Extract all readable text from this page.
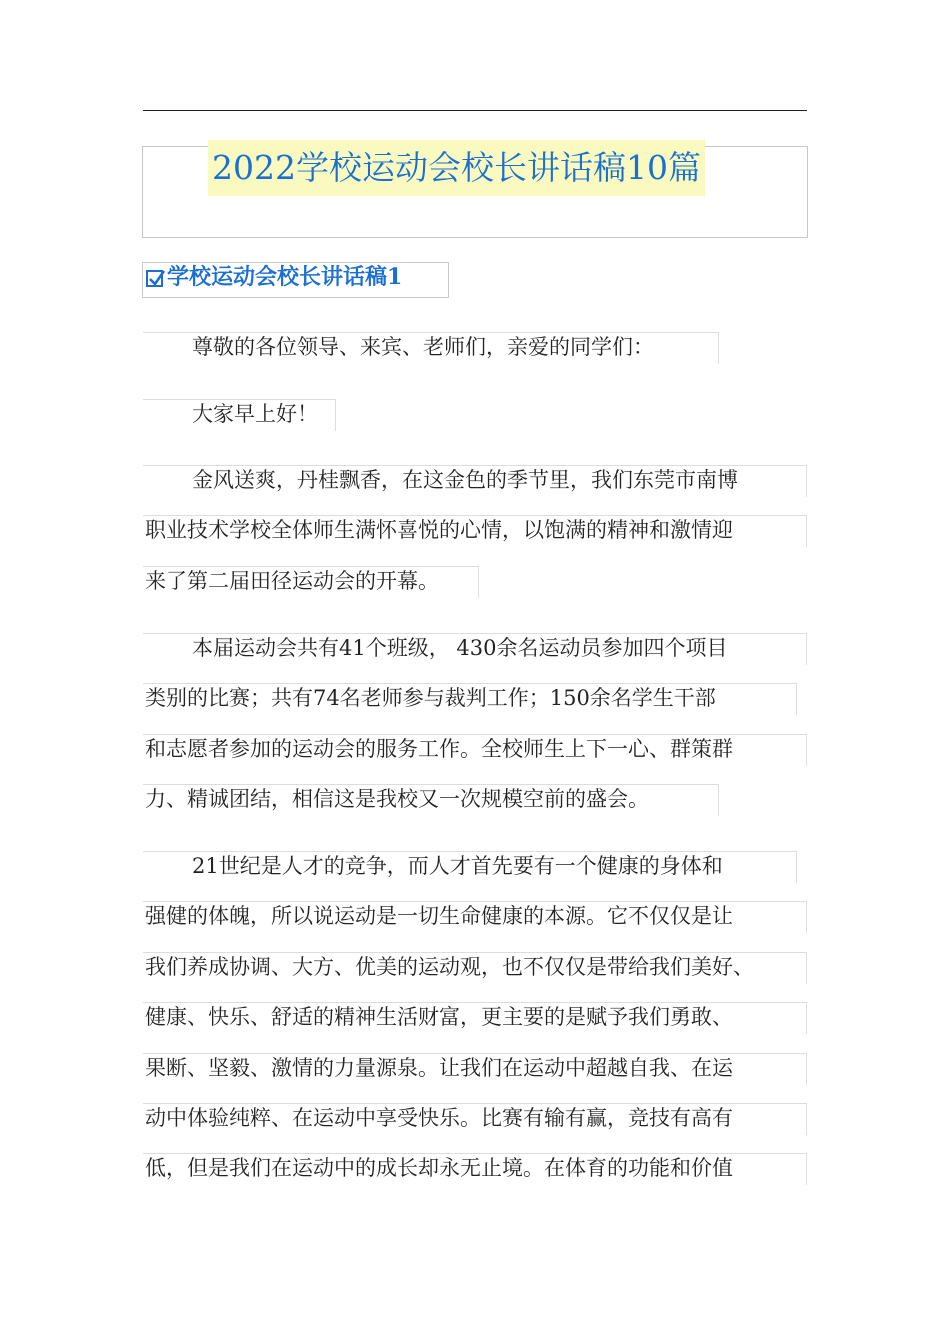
2022学校运动会校长讲话稿10篇
学校运动会校长讲话稿1
尊敬的各位领导、来宾、老师们，亲爱的同学们：
大家早上好！
金风送爽，丹桂飘香，在这金色的季节里，我们东莞市南博
职业技术学校全体师生满怀喜悦的心情，以饱满的精神和激情迎
来了第二届田径运动会的开幕。
本届运动会共有41个班级， 430余名运动员参加四个项目
类别的比赛；共有74名老师参与裁判工作；150余名学生干部
和志愿者参加的运动会的服务工作。全校师生上下一心、群策群
力、精诚团结，相信这是我校又一次规模空前的盛会。
21世纪是人才的竞争，而人才首先要有一个健康的身体和
强健的体魄，所以说运动是一切生命健康的本源。它不仅仅是让
我们养成协调、大方、优美的运动观，也不仅仅是带给我们美好、
健康、快乐、舒适的精神生活财富，更主要的是赋予我们勇敢、
果断、坚毅、激情的力量源泉。让我们在运动中超越自我、在运
动中体验纯粹、在运动中享受快乐。比赛有输有赢，竞技有高有
低，但是我们在运动中的成长却永无止境。在体育的功能和价值
